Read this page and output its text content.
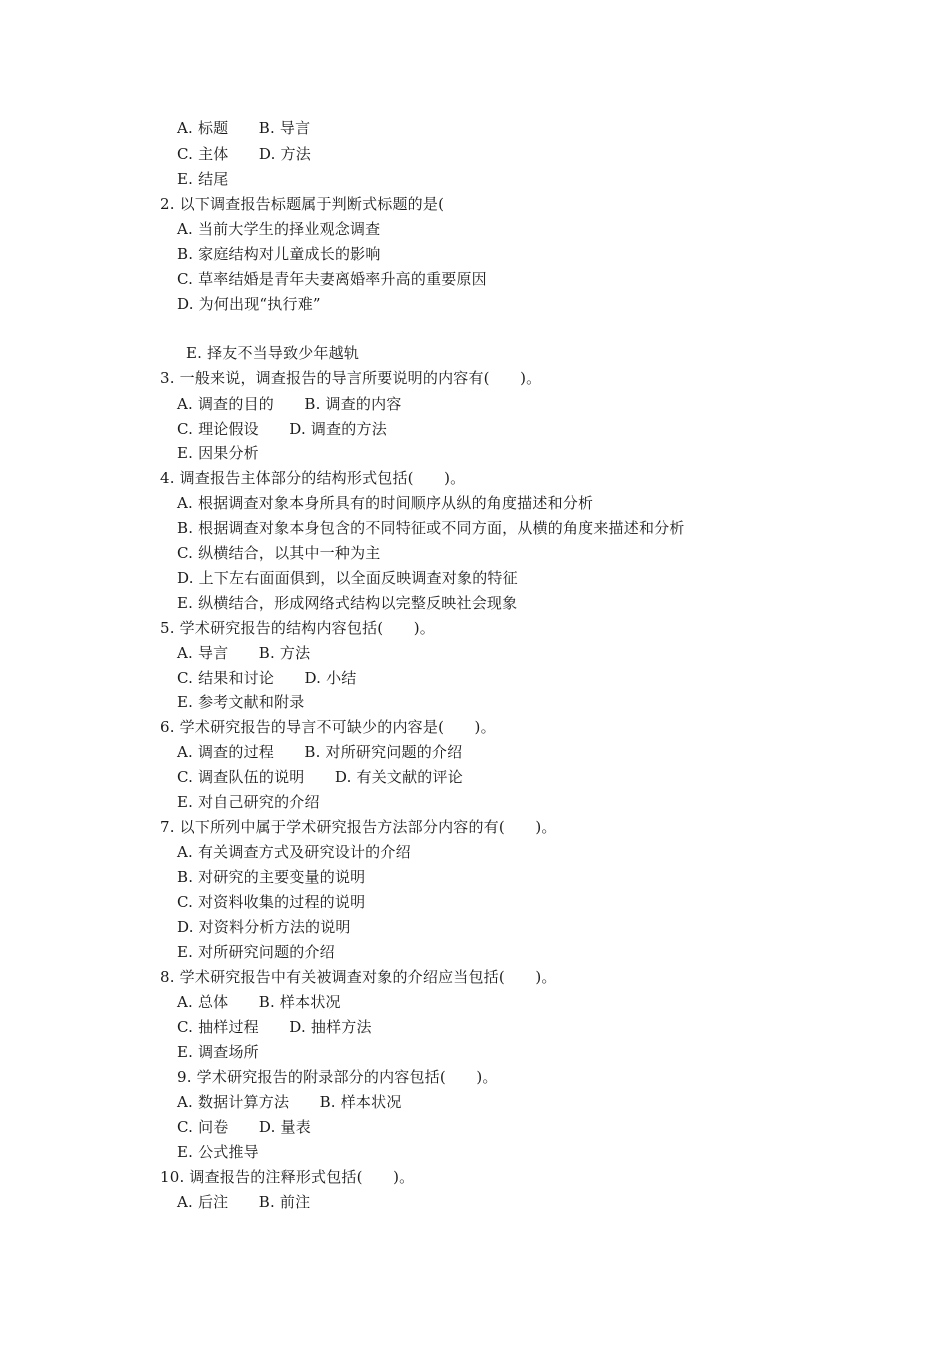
A. 标题　　B. 导言
C. 主体　　D. 方法
E. 结尾
2. 以下调查报告标题属于判断式标题的是(
A. 当前大学生的择业观念调查
B. 家庭结构对儿童成长的影响
C. 草率结婚是青年夫妻离婚率升高的重要原因
D. 为何出现“执行难”
E. 择友不当导致少年越轨
3. 一般来说，调查报告的导言所要说明的内容有(　　)。
A. 调查的目的　　B. 调查的内容
C. 理论假设　　D. 调查的方法
E. 因果分析
4. 调查报告主体部分的结构形式包括(　　)。
A. 根据调查对象本身所具有的时间顺序从纵的角度描述和分析
B. 根据调查对象本身包含的不同特征或不同方面，从横的角度来描述和分析
C. 纵横结合，以其中一种为主
D. 上下左右面面俱到，以全面反映调查对象的特征
E. 纵横结合，形成网络式结构以完整反映社会现象
5. 学术研究报告的结构内容包括(　　)。
A. 导言　　B. 方法
C. 结果和讨论　　D. 小结
E. 参考文献和附录
6. 学术研究报告的导言不可缺少的内容是(　　)。
A. 调查的过程　　B. 对所研究问题的介绍
C. 调查队伍的说明　　D. 有关文献的评论
E. 对自己研究的介绍
7. 以下所列中属于学术研究报告方法部分内容的有(　　)。
A. 有关调查方式及研究设计的介绍
B. 对研究的主要变量的说明
C. 对资料收集的过程的说明
D. 对资料分析方法的说明
E. 对所研究问题的介绍
8. 学术研究报告中有关被调查对象的介绍应当包括(　　)。
A. 总体　　B. 样本状况
C. 抽样过程　　D. 抽样方法
E. 调查场所
9. 学术研究报告的附录部分的内容包括(　　)。
A. 数据计算方法　　B. 样本状况
C. 问卷　　D. 量表
E. 公式推导
10. 调查报告的注释形式包括(　　)。
A. 后注　　B. 前注
